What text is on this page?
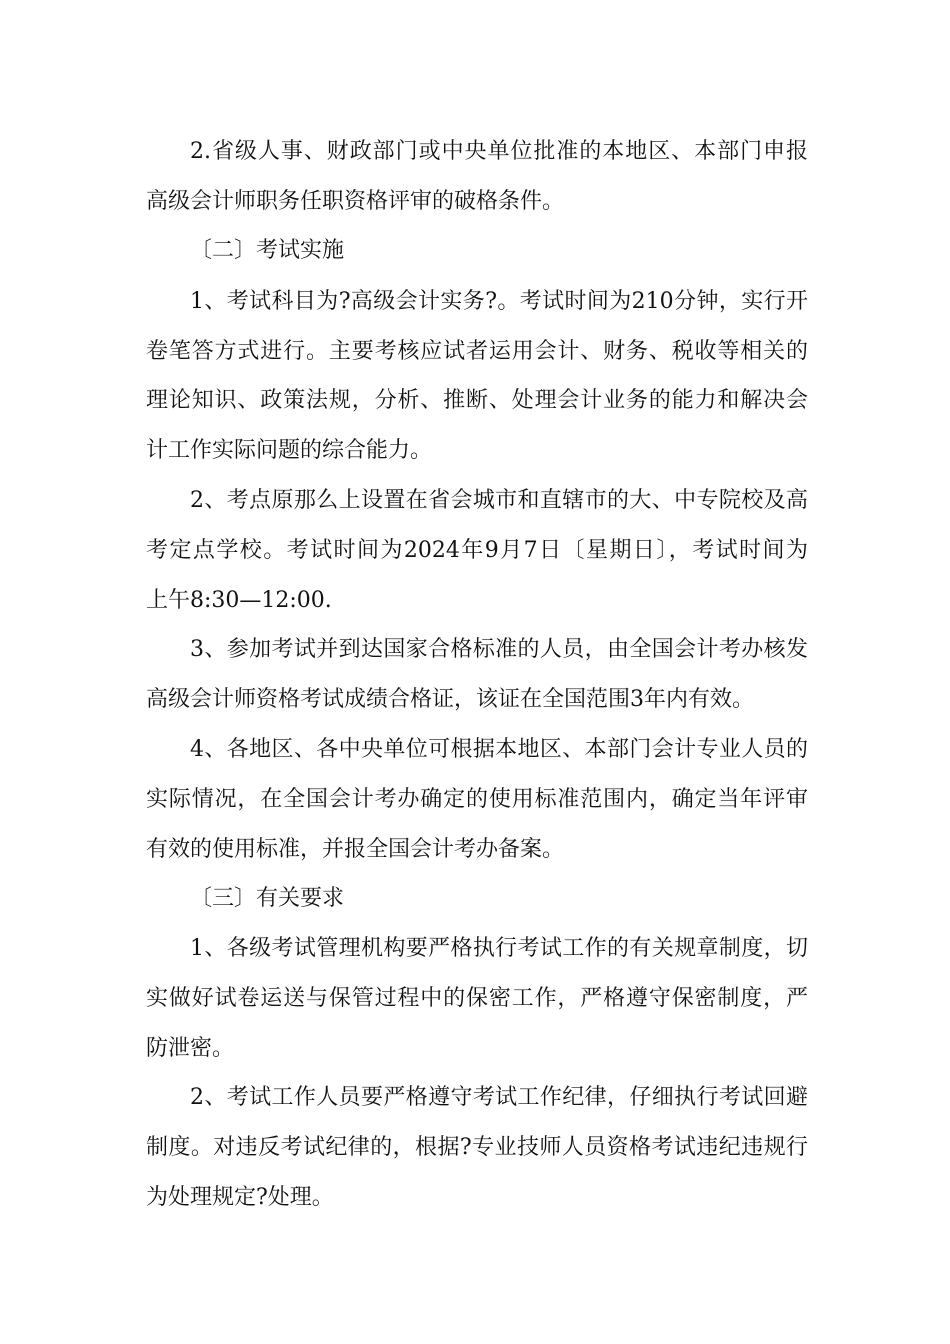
2.省级人事、财政部门或中央单位批准的本地区、本部门申报
高级会计师职务任职资格评审的破格条件。
〔二〕考试实施
1、考试科目为?高级会计实务?。考试时间为210分钟，实行开
卷笔答方式进行。主要考核应试者运用会计、财务、税收等相关的
理论知识、政策法规，分析、推断、处理会计业务的能力和解决会
计工作实际问题的综合能力。
2、考点原那么上设置在省会城市和直辖市的大、中专院校及高
考定点学校。考试时间为2024年9月7日〔星期日〕，考试时间为
上午8:30—12:00.
3、参加考试并到达国家合格标准的人员，由全国会计考办核发
高级会计师资格考试成绩合格证，该证在全国范围3年内有效。
4、各地区、各中央单位可根据本地区、本部门会计专业人员的
实际情况，在全国会计考办确定的使用标准范围内，确定当年评审
有效的使用标准，并报全国会计考办备案。
〔三〕有关要求
1、各级考试管理机构要严格执行考试工作的有关规章制度，切
实做好试卷运送与保管过程中的保密工作，严格遵守保密制度，严
防泄密。
2、考试工作人员要严格遵守考试工作纪律，仔细执行考试回避
制度。对违反考试纪律的，根据?专业技师人员资格考试违纪违规行
为处理规定?处理。
